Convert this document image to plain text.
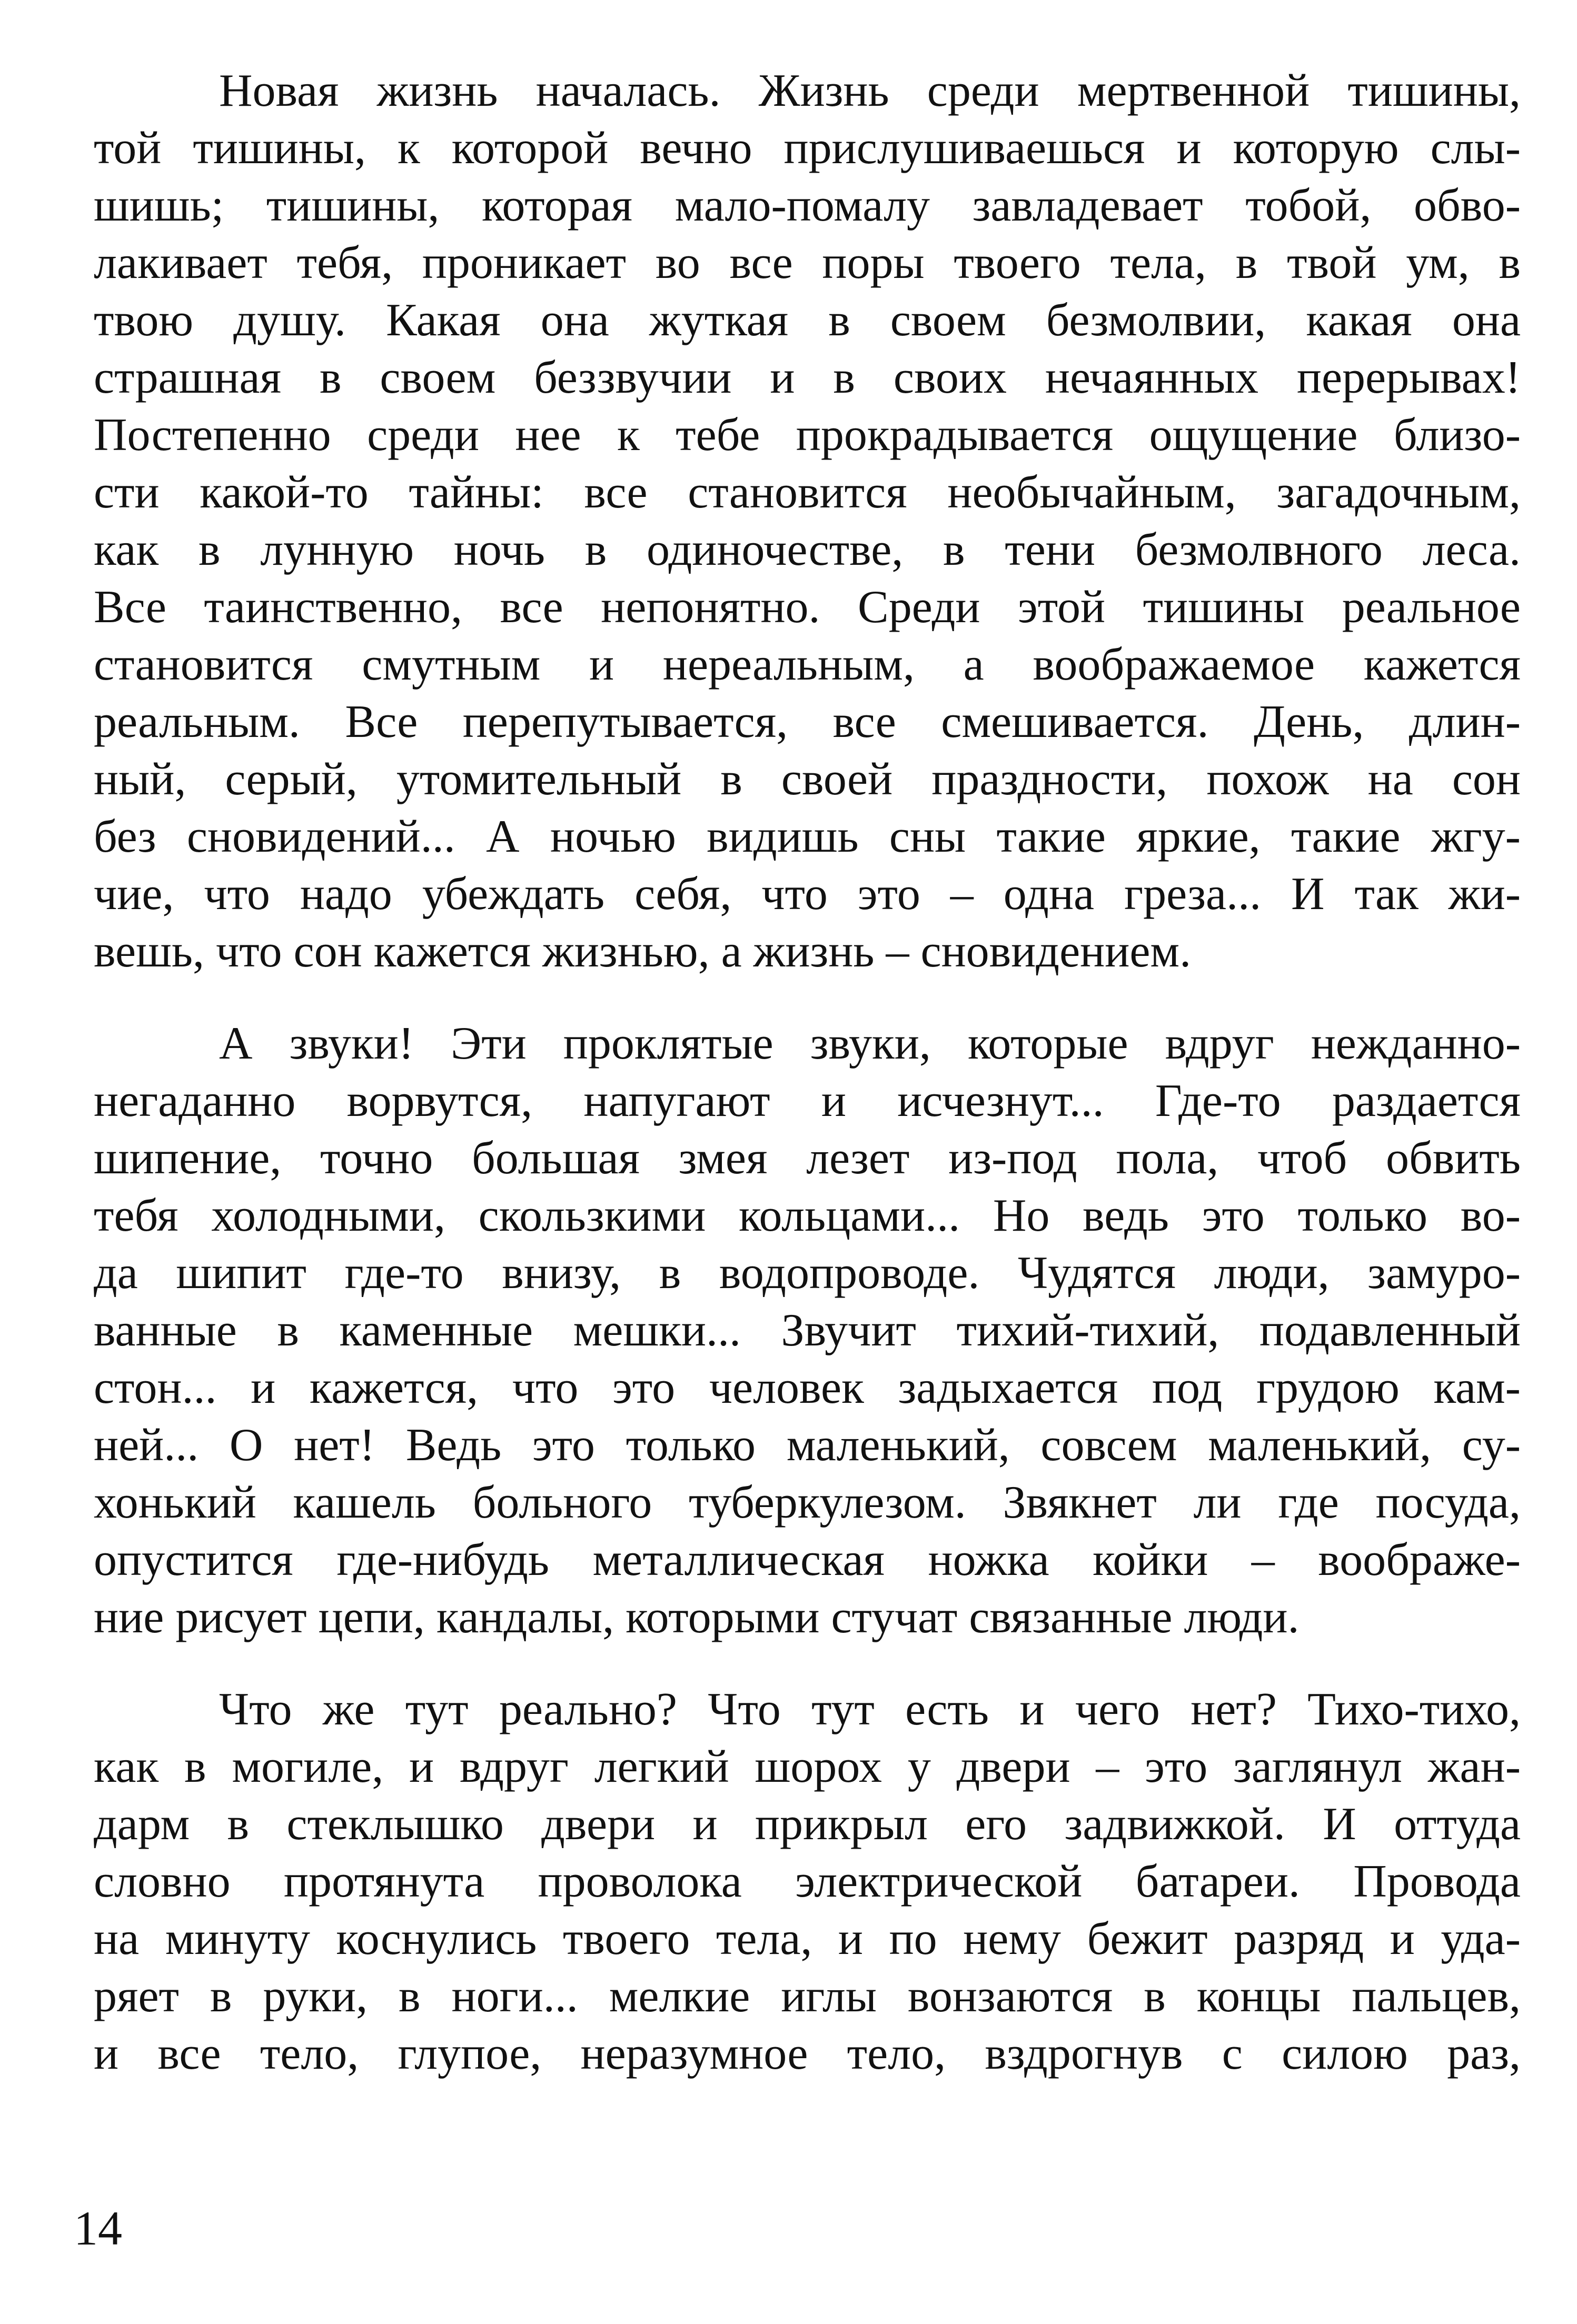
Новая жизнь началась. Жизнь среди мертвенной тишины,
той тишины, к которой вечно прислушиваешься и которую слы-
шишь; тишины, которая мало-помалу завладевает тобой, обво-
лакивает тебя, проникает во все поры твоего тела, в твой ум, в
твою душу. Какая она жуткая в своем безмолвии, какая она
страшная в своем беззвучии и в своих нечаянных перерывах!
Постепенно среди нее к тебе прокрадывается ощущение близо-
сти какой-то тайны: все становится необычайным, загадочным,
как в лунную ночь в одиночестве, в тени безмолвного леса.
Все таинственно, все непонятно. Среди этой тишины реальное
становится смутным и нереальным, а воображаемое кажется
реальным. Все перепутывается, все смешивается. День, длин-
ный, серый, утомительный в своей праздности, похож на сон
без сновидений... А ночью видишь сны такие яркие, такие жгу-
чие, что надо убеждать себя, что это – одна греза... И так жи-
вешь, что сон кажется жизнью, а жизнь – сновидением.
А звуки! Эти проклятые звуки, которые вдруг нежданно-
негаданно ворвутся, напугают и исчезнут... Где-то раздается
шипение, точно большая змея лезет из-под пола, чтоб обвить
тебя холодными, скользкими кольцами... Но ведь это только во-
да шипит где-то внизу, в водопроводе. Чудятся люди, замуро-
ванные в каменные мешки... Звучит тихий-тихий, подавленный
стон... и кажется, что это человек задыхается под грудою кам-
ней... О нет! Ведь это только маленький, совсем маленький, су-
хонький кашель больного туберкулезом. Звякнет ли где посуда,
опустится где-нибудь металлическая ножка койки – воображе-
ние рисует цепи, кандалы, которыми стучат связанные люди.
Что же тут реально? Что тут есть и чего нет? Тихо-тихо,
как в могиле, и вдруг легкий шорох у двери – это заглянул жан-
дарм в стеклышко двери и прикрыл его задвижкой. И оттуда
словно протянута проволока электрической батареи. Провода
на минуту коснулись твоего тела, и по нему бежит разряд и уда-
ряет в руки, в ноги... мелкие иглы вонзаются в концы пальцев,
и все тело, глупое, неразумное тело, вздрогнув с силою раз,
14
